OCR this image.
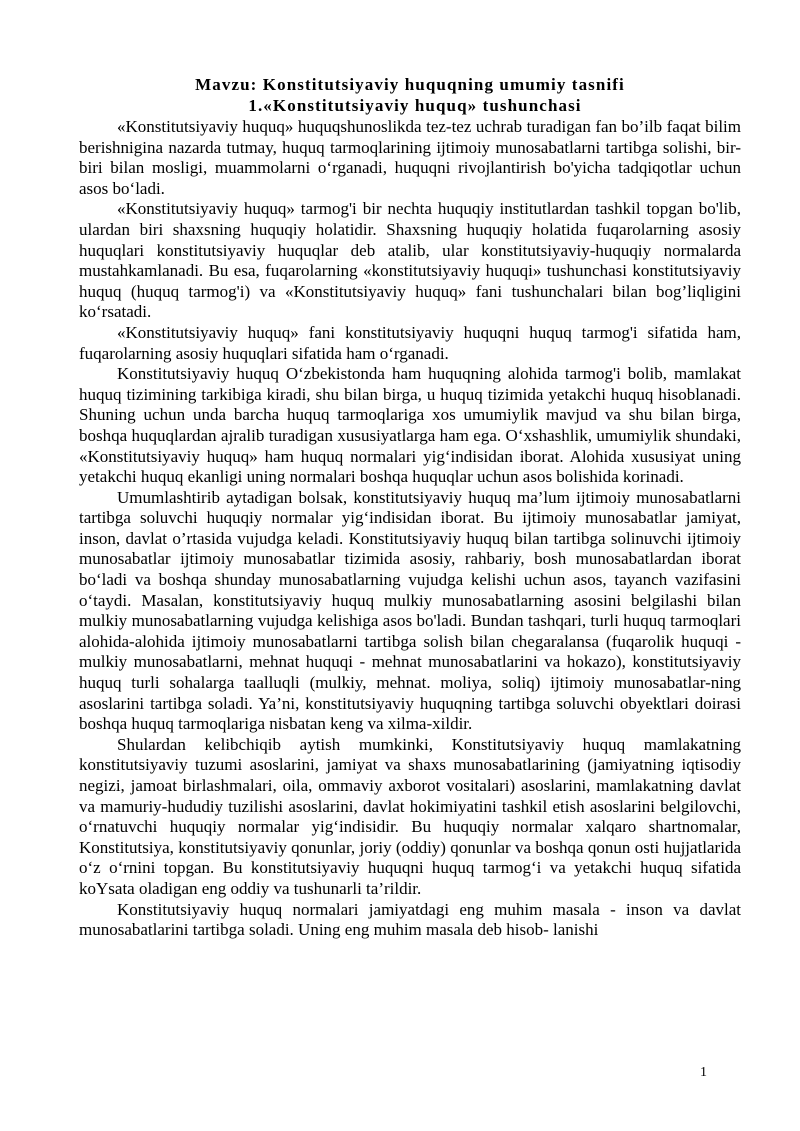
Mavzu: Konstitutsiyaviy huquqning umumiy tasnifi
1.«Konstitutsiyaviy huquq» tushunchasi

«Konstitutsiyaviy huquq» huquqshunoslikda tez-tez uchrab turadigan fan bo’ilb faqat bilim berishnigina nazarda tutmay, huquq tarmoqlarining ijtimoiy munosabatlarni tartibga solishi, bir-biri bilan mosligi, muammolarni o‘rganadi, huquqni rivojlantirish bo'yicha tadqiqotlar uchun asos bo‘ladi.

«Konstitutsiyaviy huquq» tarmog'i bir nechta huquqiy institutlardan tashkil topgan bo'lib, ulardan biri shaxsning huquqiy holatidir. Shaxsning huquqiy holatida fuqarolarning asosiy huquqlari konstitutsiyaviy huquqlar deb atalib, ular konstitutsiyaviy-huquqiy normalarda mustahkamlanadi. Bu esa, fuqarolarning «konstitutsiyaviy huquqi» tushunchasi konstitutsiyaviy huquq (huquq tarmog'i) va «Konstitutsiyaviy huquq» fani tushunchalari bilan bog’liqligini ko‘rsatadi.

«Konstitutsiyaviy huquq» fani konstitutsiyaviy huquqni huquq tarmog'i sifatida ham, fuqarolarning asosiy huquqlari sifatida ham o‘rganadi.

Konstitutsiyaviy huquq O‘zbekistonda ham huquqning alohida tarmog'i bolib, mamlakat huquq tizimining tarkibiga kiradi, shu bilan birga, u huquq tizimida yetakchi huquq hisoblanadi. Shuning uchun unda barcha huquq tarmoqlariga xos umumiylik mavjud va shu bilan birga, boshqa huquqlardan ajralib turadigan xususiyatlarga ham ega. O‘xshashlik, umumiylik shundaki, «Konstitutsiyaviy huquq» ham huquq normalari yig‘indisidan iborat. Alohida xususiyat uning yetakchi huquq ekanligi uning normalari boshqa huquqlar uchun asos bolishida korinadi.

Umumlashtirib aytadigan bolsak, konstitutsiyaviy huquq ma’lum ijtimoiy munosabatlarni tartibga soluvchi huquqiy normalar yig‘indisidan iborat. Bu ijtimoiy munosabatlar jamiyat, inson, davlat o’rtasida vujudga keladi. Konstitutsiyaviy huquq bilan tartibga solinuvchi ijtimoiy munosabatlar ijtimoiy munosabatlar tizimida asosiy, rahbariy, bosh munosabatlardan iborat bo‘ladi va boshqa shunday munosabatlarning vujudga kelishi uchun asos, tayanch vazifasini o‘taydi. Masalan, konstitutsiyaviy huquq mulkiy munosabatlarning asosini belgilashi bilan mulkiy munosabatlarning vujudga kelishiga asos bo'ladi. Bundan tashqari, turli huquq tarmoqlari alohida-alohida ijtimoiy munosabatlarni tartibga solish bilan chegaralansa (fuqarolik huquqi - mulkiy munosabatlarni, mehnat huquqi - mehnat munosabatlarini va hokazo), konstitutsiyaviy huquq turli sohalarga taalluqli (mulkiy, mehnat. moliya, soliq) ijtimoiy munosabatlar-ning asoslarini tartibga soladi. Ya’ni, konstitutsiyaviy huquqning tartibga soluvchi obyektlari doirasi boshqa huquq tarmoqlariga nisbatan keng va xilma-xildir.

Shulardan kelibchiqib aytish mumkinki, Konstitutsiyaviy huquq mamlakatning konstitutsiyaviy tuzumi asoslarini, jamiyat va shaxs munosabatlarining (jamiyatning iqtisodiy negizi, jamoat birlashmalari, oila, ommaviy axborot vositalari) asoslarini, mamlakatning davlat va mamuriy-hududiy tuzilishi asoslarini, davlat hokimiyatini tashkil etish asoslarini belgilovchi, o‘rnatuvchi huquqiy normalar yig‘indisidir. Bu huquqiy normalar xalqaro shartnomalar, Konstitutsiya, konstitutsiyaviy qonunlar, joriy (oddiy) qonunlar va boshqa qonun osti hujjatlarida o‘z o‘rnini topgan. Bu konstitutsiyaviy huquqni huquq tarmog‘i va yetakchi huquq sifatida koYsata oladigan eng oddiy va tushunarli ta’rildir.

Konstitutsiyaviy huquq normalari jamiyatdagi eng muhim masala - inson va davlat munosabatlarini tartibga soladi. Uning eng muhim masala deb hisob- lanishi

1
